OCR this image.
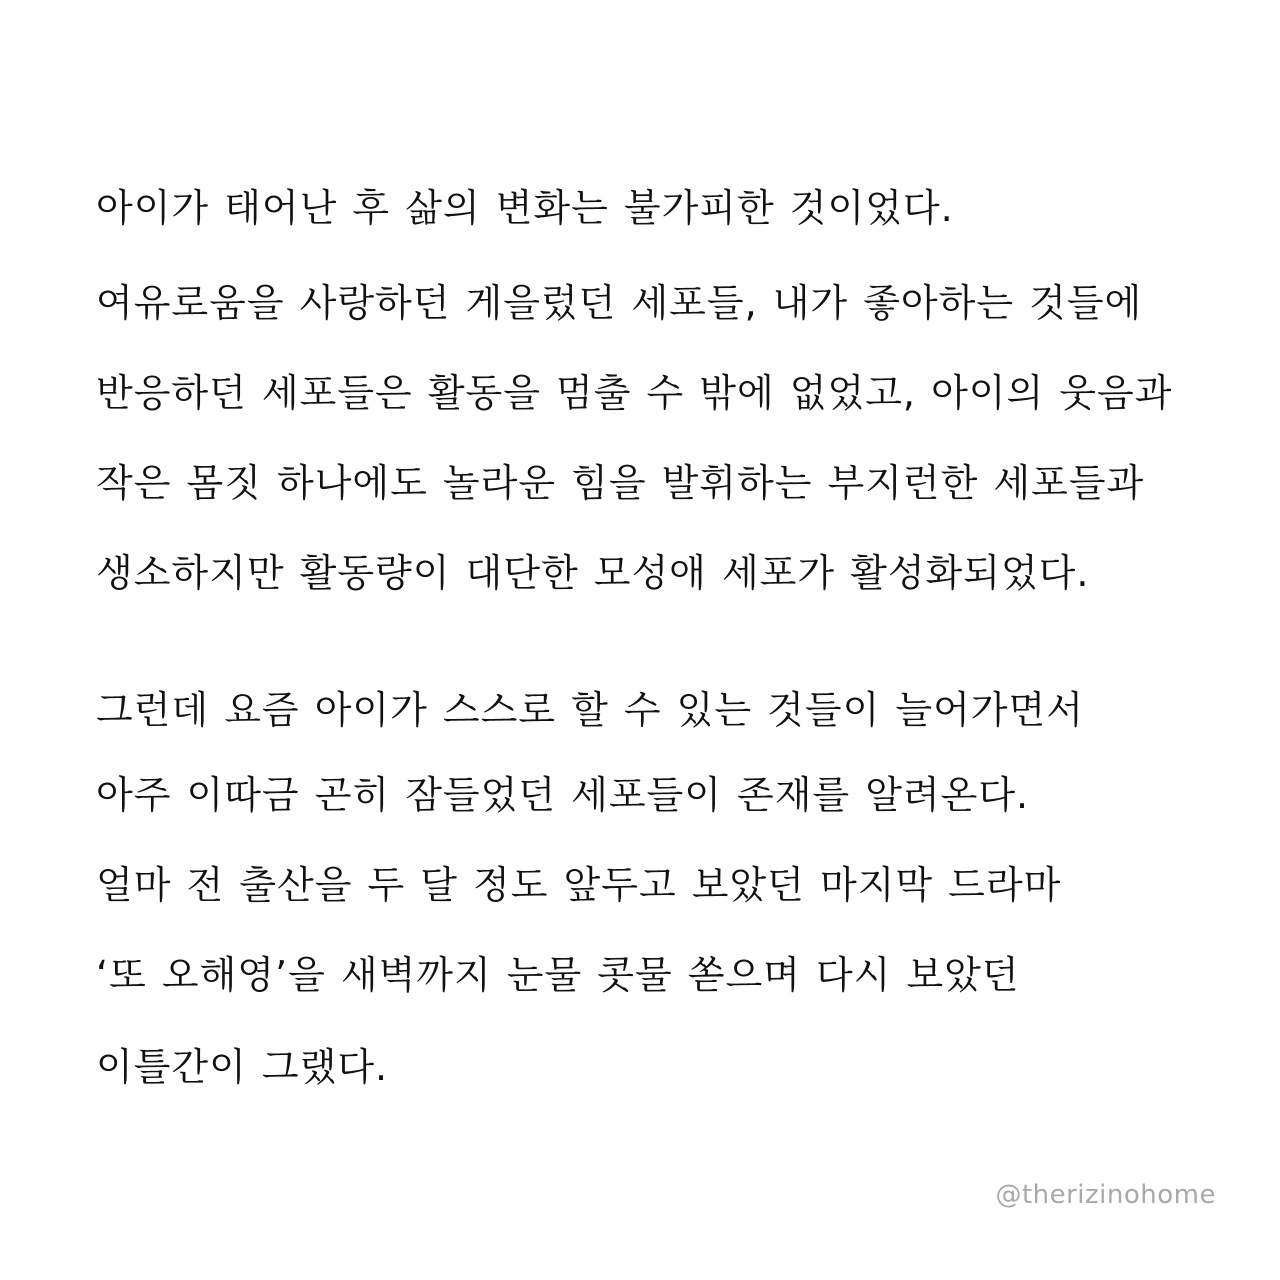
아이가 태어난 후 삶의 변화는 불가피한 것이었다.
여유로움을 사랑하던 게을렀던 세포들, 내가 좋아하는 것들에
반응하던 세포들은 활동을 멈출 수 밖에 없었고, 아이의 웃음과
작은 몸짓 하나에도 놀라운 힘을 발휘하는 부지런한 세포들과
생소하지만 활동량이 대단한 모성애 세포가 활성화되었다.
그런데 요즘 아이가 스스로 할 수 있는 것들이 늘어가면서
아주 이따금 곤히 잠들었던 세포들이 존재를 알려온다.
얼마 전 출산을 두 달 정도 앞두고 보았던 마지막 드라마
‘또 오해영’을 새벽까지 눈물 콧물 쏟으며 다시 보았던
이틀간이 그랬다.
@therizinohome
